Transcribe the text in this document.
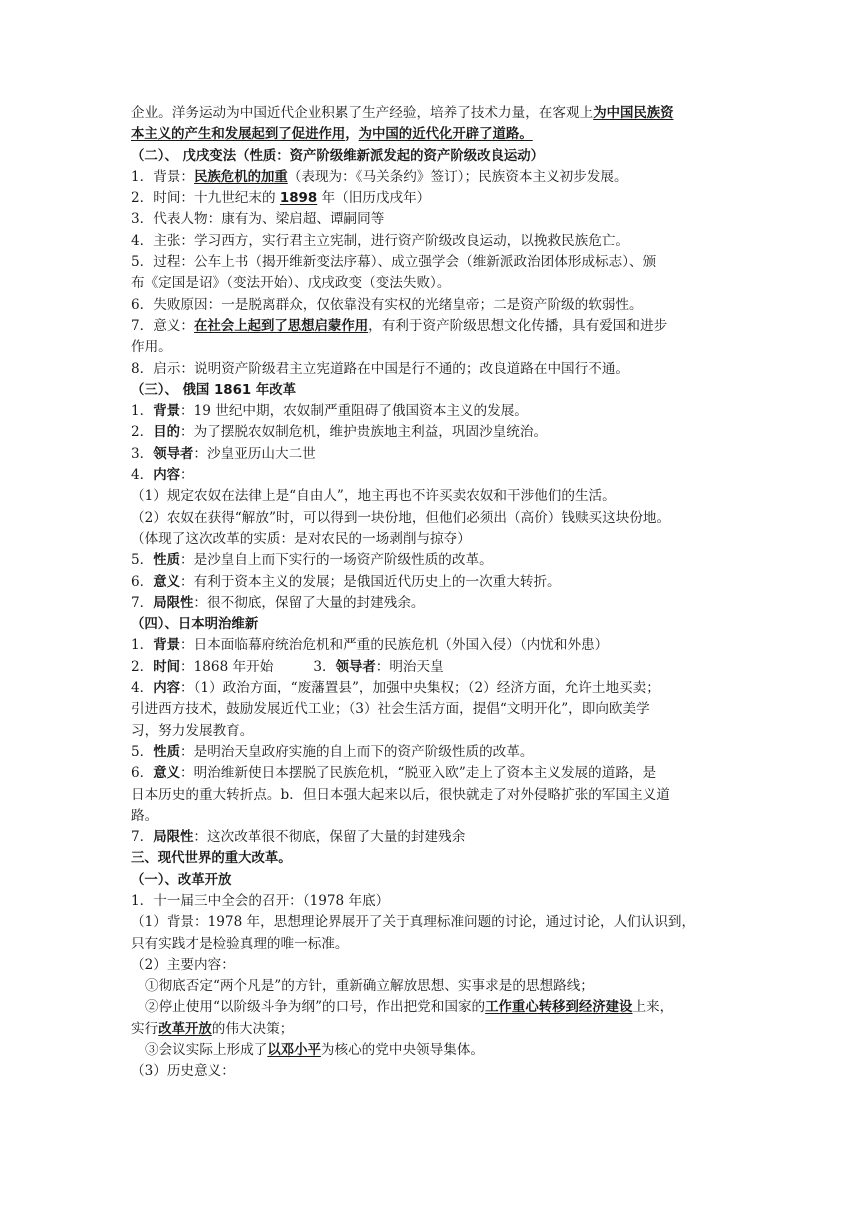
企业。洋务运动为中国近代企业积累了生产经验，培养了技术力量，在客观上为中国民族资
本主义的产生和发展起到了促进作用，为中国的近代化开辟了道路。
（二）、 戊戌变法（性质：资产阶级维新派发起的资产阶级改良运动）
1．背景：民族危机的加重（表现为：《马关条约》签订）；民族资本主义初步发展。
2．时间：十九世纪末的 1898 年（旧历戊戌年）
3．代表人物：康有为、梁启超、谭嗣同等
4．主张：学习西方，实行君主立宪制，进行资产阶级改良运动，以挽救民族危亡。
5．过程：公车上书（揭开维新变法序幕）、成立强学会（维新派政治团体形成标志）、颁
布《定国是诏》（变法开始）、戊戌政变（变法失败）。
6．失败原因：一是脱离群众，仅依靠没有实权的光绪皇帝；二是资产阶级的软弱性。
7．意义：在社会上起到了思想启蒙作用，有利于资产阶级思想文化传播，具有爱国和进步
作用。
8．启示：说明资产阶级君主立宪道路在中国是行不通的；改良道路在中国行不通。
（三）、 俄国 1861 年改革
1．背景：19 世纪中期，农奴制严重阻碍了俄国资本主义的发展。
2．目的：为了摆脱农奴制危机，维护贵族地主利益，巩固沙皇统治。
3．领导者：沙皇亚历山大二世
4．内容：
（1）规定农奴在法律上是“自由人”，地主再也不许买卖农奴和干涉他们的生活。
（2）农奴在获得“解放”时，可以得到一块份地，但他们必须出（高价）钱赎买这块份地。
（体现了这次改革的实质：是对农民的一场剥削与掠夺）
5．性质：是沙皇自上而下实行的一场资产阶级性质的改革。
6．意义：有利于资本主义的发展；是俄国近代历史上的一次重大转折。
7．局限性：很不彻底，保留了大量的封建残余。
（四）、日本明治维新
1．背景：日本面临幕府统治危机和严重的民族危机（外国入侵）（内忧和外患）
2．时间：1868 年开始	3．领导者：明治天皇
4．内容：（1）政治方面，“废藩置县”，加强中央集权；（2）经济方面，允许土地买卖；
引进西方技术，鼓励发展近代工业；（3）社会生活方面，提倡“文明开化”，即向欧美学
习，努力发展教育。
5．性质：是明治天皇政府实施的自上而下的资产阶级性质的改革。
6．意义：明治维新使日本摆脱了民族危机，“脱亚入欧”走上了资本主义发展的道路，是
日本历史的重大转折点。b．但日本强大起来以后，很快就走了对外侵略扩张的军国主义道
路。
7．局限性：这次改革很不彻底，保留了大量的封建残余
三、现代世界的重大改革。
（一）、改革开放
1．十一届三中全会的召开：（1978 年底）
（1）背景：1978 年，思想理论界展开了关于真理标准问题的讨论，通过讨论，人们认识到，
只有实践才是检验真理的唯一标准。
（2）主要内容：
①彻底否定“两个凡是”的方针，重新确立解放思想、实事求是的思想路线；
②停止使用“以阶级斗争为纲”的口号，作出把党和国家的工作重心转移到经济建设上来，
实行改革开放的伟大决策；
③会议实际上形成了以邓小平为核心的党中央领导集体。
（3）历史意义：
